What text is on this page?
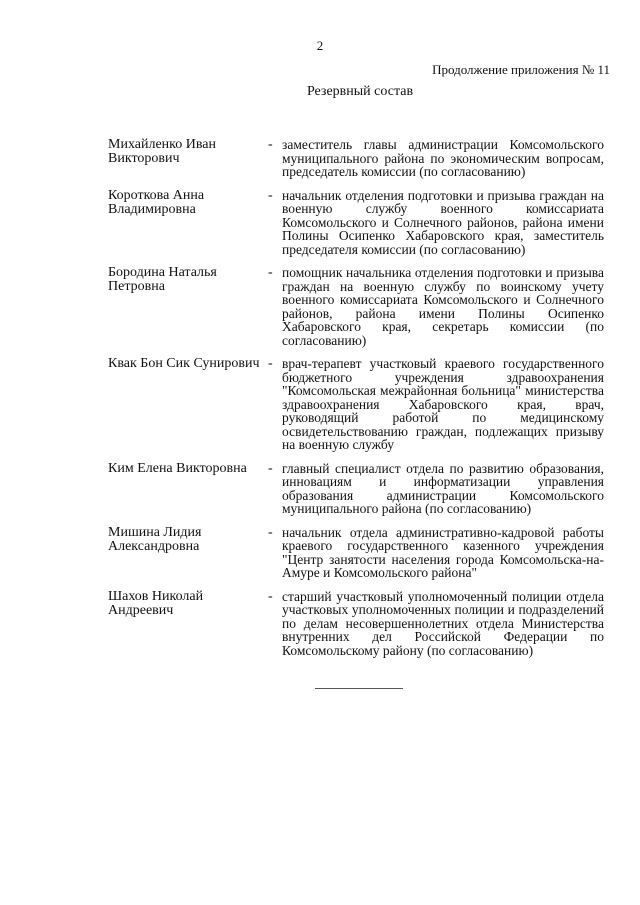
2
Продолжение приложения № 11
Резервный состав
Михайленко Иван Викторович
- заместитель главы администрации Комсомольского муниципального района по экономическим вопросам, председатель комиссии (по согласованию)
Короткова Анна Владимировна
- начальник отделения подготовки и призыва граждан на военную службу военного комиссариата Комсомольского и Солнечного районов, района имени Полины Осипенко Хабаровского края, заместитель председателя комиссии (по согласованию)
Бородина Наталья Петровна
- помощник начальника отделения подготовки и призыва граждан на военную службу по воинскому учету военного комиссариата Комсомольского и Солнечного районов, района имени Полины Осипенко Хабаровского края, секретарь комиссии (по согласованию)
Квак Бон Сик Сунирович - врач-терапевт участковый краевого государственного бюджетного учреждения здравоохранения "Комсомольская межрайонная больница" министерства здравоохранения Хабаровского края, врач, руководящий работой по медицинскому освидетельствованию граждан, подлежащих призыву на военную службу
Ким Елена Викторовна	- главный специалист отдела по развитию образования, инновациям и информатизации управления образования администрации Комсомольского муниципального района (по согласованию)
Мишина Лидия Александровна
- начальник отдела административно-кадровой работы краевого государственного казенного учреждения "Центр занятости населения города Комсомольска-на-Амуре и Комсомольского района"
Шахов Николай Андреевич
- старший участковый уполномоченный полиции отдела участковых уполномоченных полиции и подразделений по делам несовершеннолетних отдела Министерства внутренних дел Российской Федерации по Комсомольскому району (по согласованию)
